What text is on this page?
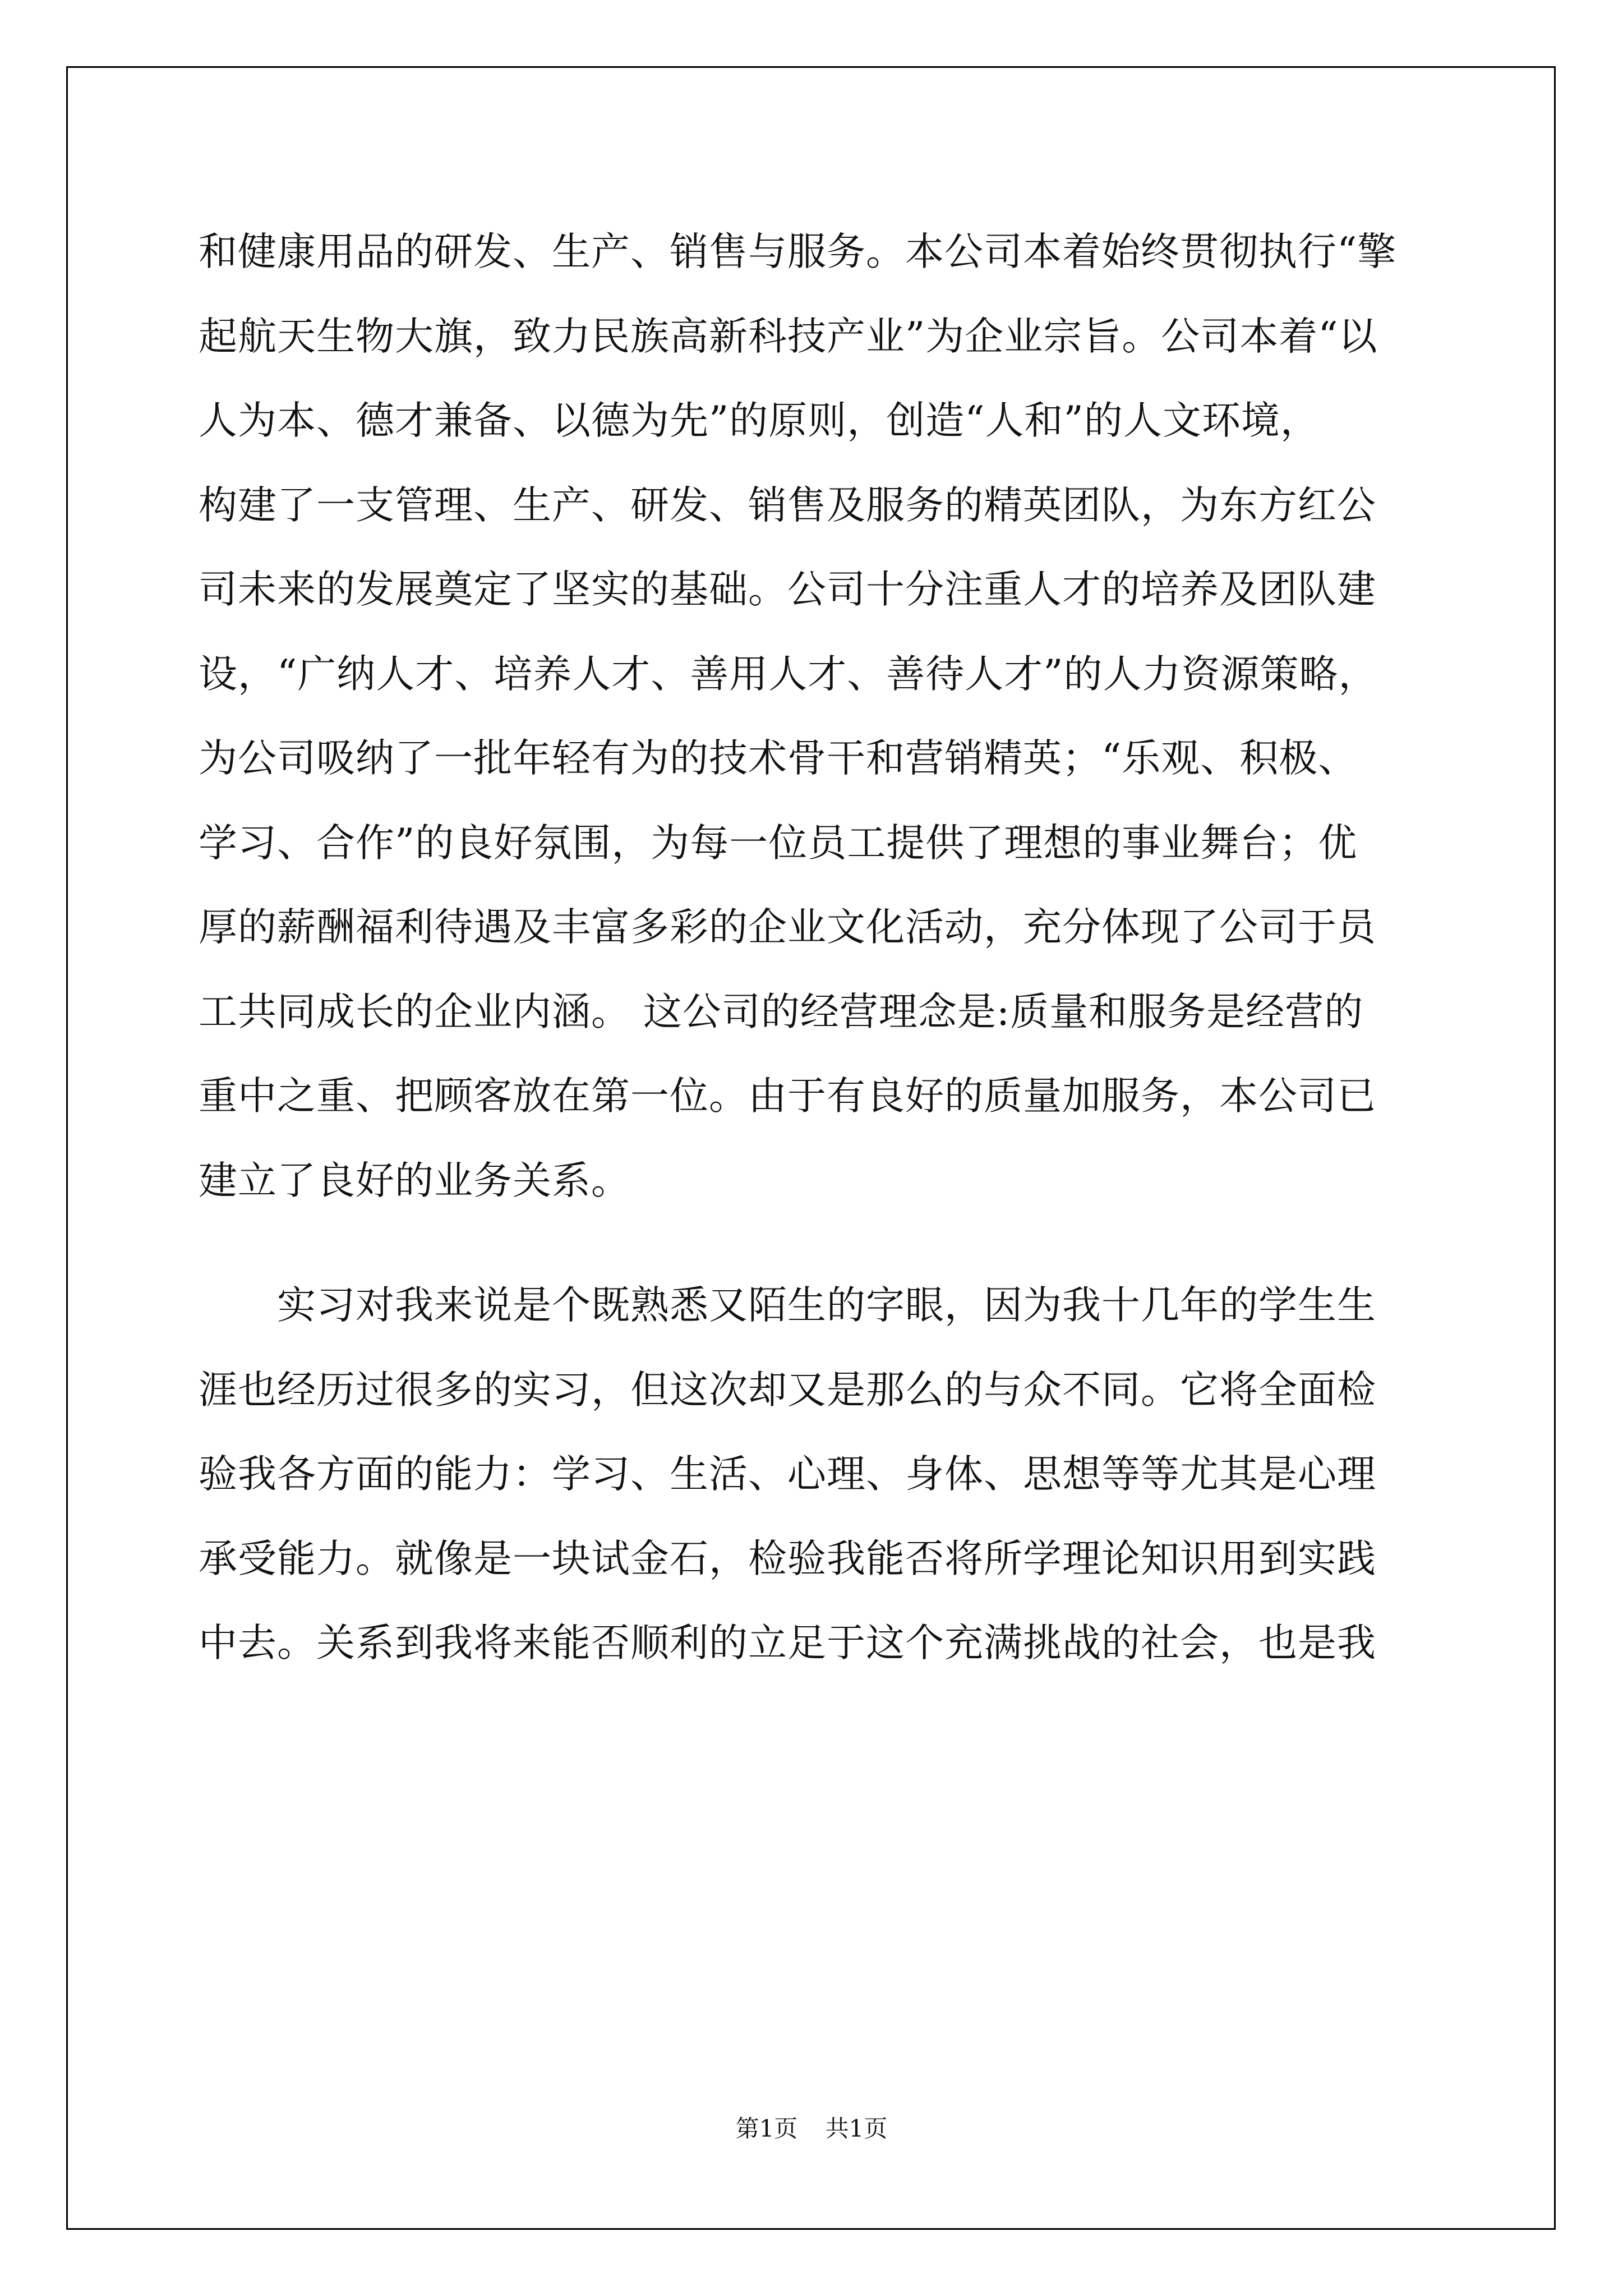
和健康用品的研发、生产、销售与服务。本公司本着始终贯彻执行“擎
起航天生物大旗，致力民族高新科技产业”为企业宗旨。公司本着“以
人为本、德才兼备、以德为先”的原则，创造“人和”的人文环境，
构建了一支管理、生产、研发、销售及服务的精英团队，为东方红公
司未来的发展奠定了坚实的基础。公司十分注重人才的培养及团队建
设，“广纳人才、培养人才、善用人才、善待人才”的人力资源策略，
为公司吸纳了一批年轻有为的技术骨干和营销精英；“乐观、积极、
学习、合作”的良好氛围，为每一位员工提供了理想的事业舞台；优
厚的薪酬福利待遇及丰富多彩的企业文化活动，充分体现了公司于员
工共同成长的企业内涵。 这公司的经营理念是:质量和服务是经营的
重中之重、把顾客放在第一位。由于有良好的质量加服务，本公司已
建立了良好的业务关系。
实习对我来说是个既熟悉又陌生的字眼，因为我十几年的学生生
涯也经历过很多的实习，但这次却又是那么的与众不同。它将全面检
验我各方面的能力：学习、生活、心理、身体、思想等等尤其是心理
承受能力。就像是一块试金石，检验我能否将所学理论知识用到实践
中去。关系到我将来能否顺利的立足于这个充满挑战的社会，也是我
第1页 共1页
